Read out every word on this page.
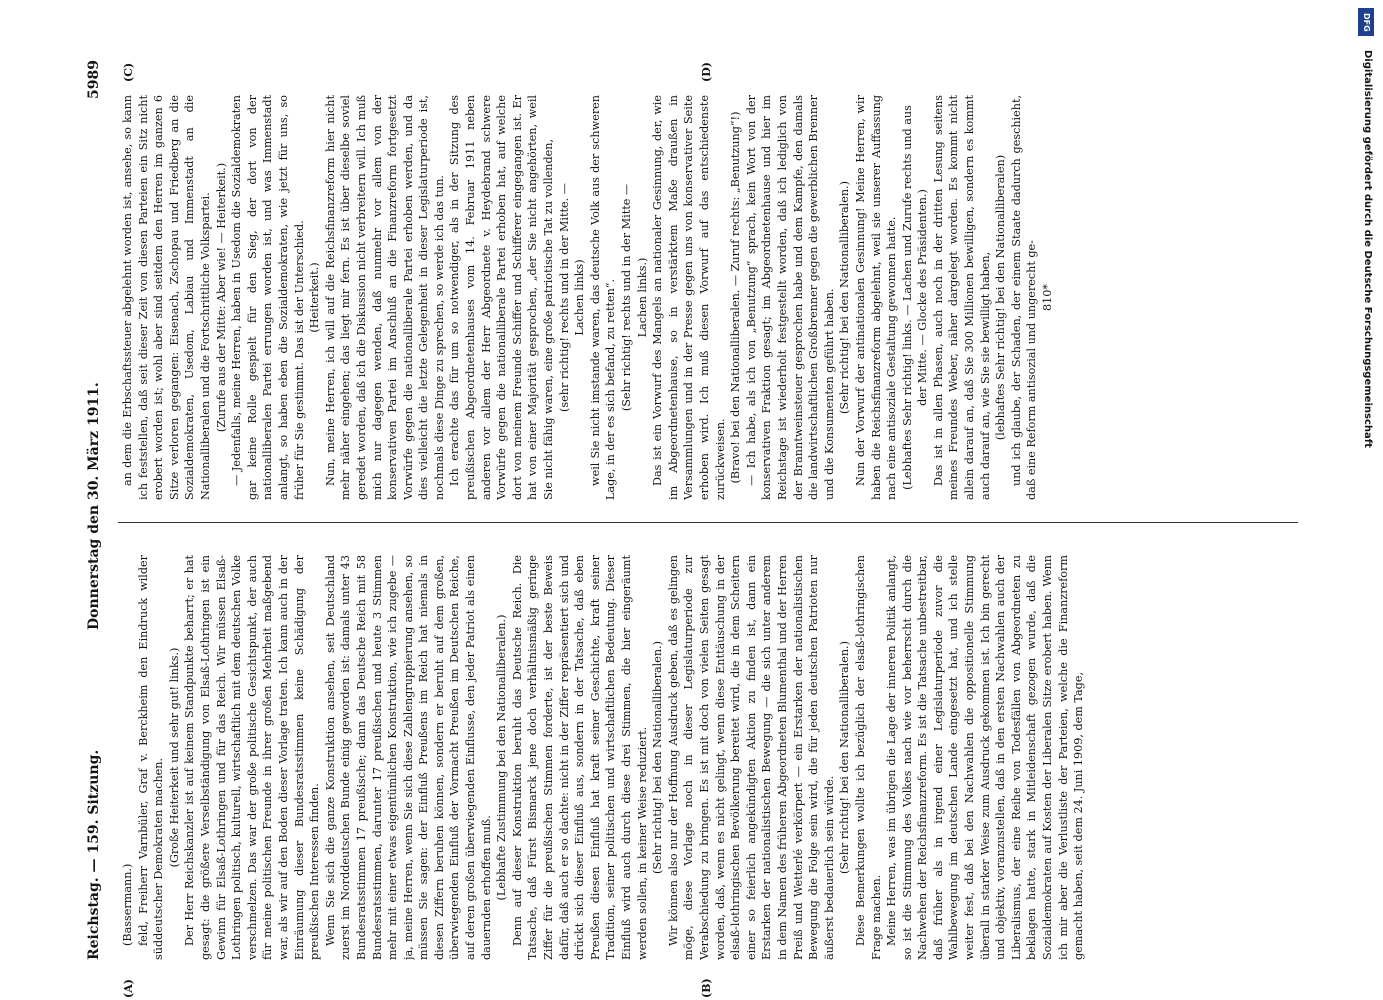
Reichstag. — 159. Sitzung.
Donnerstag den 30. März 1911.
5989
(A)	(B)
(C)	(D)

(Bassermann.) feld, Freiherr Varnbüler, Graf v. Berckheim den Eindruck wilder süddeutscher Demokraten machen. (Große Heiterkeit und sehr gut! links.) Der Herr Reichskanzler ist auf keinem Standpunkte beharrt; er hat gesagt: die größere Verselbständigung von Elsaß-Lothringen ist ein Gewinn für Elsaß-Lothringen und für das Reich. Wir müssen Elsaß-Lothringen politisch, kulturell, wirtschaftlich mit dem deutschen Volke verschmelzen. Das war der große politische Gesichtspunkt, der auch für meine politischen Freunde in ihrer großen Mehrheit maßgebend war, als wir auf den Boden dieser Vorlage traten. Ich kann auch in der Einräumung dieser Bundesratsstimmen keine Schädigung der preußischen Interessen finden. Wenn Sie sich die ganze Konstruktion ansehen, seit Deutschland zuerst im Norddeutschen Bunde einig geworden ist: damals unter 43 Bundesratsstimmen 17 preußische; dann das Deutsche Reich mit 58 Bundesratsstimmen, darunter 17 preußischen und heute 3 Stimmen mehr mit einer etwas eigentümlichen Konstruktion, wie ich zugebe — ja, meine Herren, wenn Sie sich diese Zahlengruppierung ansehen, so müssen Sie sagen: der Einfluß Preußens im Reich hat niemals in diesen Ziffern beruhen können, sondern er beruht auf dem großen, überwiegenden Einfluß der Vormacht Preußen im Deutschen Reiche, auf deren großen überwiegenden Einflusse, den jeder Patriot als einen dauernden erhoffen muß. (Lebhafte Zustimmung bei den Nationalliberalen.) Denn auf dieser Konstruktion beruht das Deutsche Reich. Die Tatsache, daß Fürst Bismarck jene doch verhältnismäßig geringe Ziffer für die preußischen Stimmen forderte, ist der beste Beweis dafür, daß auch er so dachte: nicht in der Ziffer repräsentiert sich und drückt sich dieser Einfluß aus, sondern in der Tatsache, daß eben Preußen diesen Einfluß hat kraft seiner Geschichte, kraft seiner Tradition, seiner politischen und wirtschaftlichen Bedeutung. Dieser Einfluß wird auch durch diese drei Stimmen, die hier eingeräumt werden sollen, in keiner Weise reduziert. (Sehr richtig! bei den Nationalliberalen.) Wir können also nur der Hoffnung Ausdruck geben, daß es gelingen möge, diese Vorlage noch in dieser Legislaturperiode zur Verabschiedung zu bringen. Es ist mit doch von vielen Seiten gesagt worden, daß, wenn es nicht gelingt, wenn diese Enttäuschung in der elsaß-lothringischen Bevölkerung bereitet wird, die in dem Scheitern einer so feierlich angekündigten Aktion zu finden ist, dann ein Erstarken der nationalistischen Bewegung — die sich unter anderem in dem Namen des früheren Abgeordneten Blumenthal und der Herren Preiß und Wetterlé verkörpert — ein Erstarken der nationalistischen Bewegung die Folge sein wird, die für jeden deutschen Patrioten nur äußerst bedauerlich sein würde. (Sehr richtig! bei den Nationalliberalen.) Diese Bemerkungen wollte ich bezüglich der elsaß-lothringischen Frage machen. Meine Herren, was im übrigen die Lage der inneren Politik anlangt, so ist die Stimmung des Volkes nach wie vor beherrscht durch die Nachwehen der Reichsfinanzreform. Es ist die Tatsache unbestreitbar, daß früher als in irgend einer Legislaturperiode zuvor die Wahlbewegung im deutschen Lande eingesetzt hat, und ich stelle weiter fest, daß bei den Nachwahlen die oppositionelle Stimmung überall in starker Weise zum Ausdruck gekommen ist. Ich bin gerecht und objektiv, voranzustellen, daß in den ersten Nachwahlen auch der Liberalismus, der eine Reihe von Todesfällen von Abgeordneten zu beklagen hatte, stark in Mitleidenschaft gezogen wurde, daß die Sozialdemokraten auf Kosten der Liberalen Sitze erobert haben. Wenn ich mir aber die Verlustliste der Parteien, welche die Finanzreform gemacht haben, seit dem 24. Juni 1909, dem Tage,

an dem die Erbschaftssteuer abgelehnt worden ist, ansehe, so kann ich feststellen, daß seit dieser Zeit von diesen Parteien ein Sitz nicht erobert worden ist; wohl aber sind seitdem den Herren im ganzen 6 Sitze verloren gegangen: Eisenach, Zschopau und Friedberg an die Sozialdemokraten, Usedom, Labiau und Immenstadt an die Nationalliberalen und die Fortschrittliche Volkspartei. (Zurufe aus der Mitte: Aber wie! — Heiterkeit.) — Jedenfalls, meine Herren, haben in Usedom die Sozialdemokraten gar keine Rolle gespielt für den Sieg, der dort von der nationalliberalen Partei errungen worden ist, und was Immenstadt anlangt, so haben eben die Sozialdemokraten, wie jetzt für uns, so früher für Sie gestimmt. Das ist der Unterschied. (Heiterkeit.) Nun, meine Herren, ich will auf die Reichsfinanzreform hier nicht mehr näher eingehen; das liegt mir fern. Es ist über dieselbe soviel geredet worden, daß ich die Diskussion nicht verbreitern will. Ich muß mich nur dagegen wenden, daß nunmehr vor allem von der konservativen Partei im Anschluß an die Finanzreform fortgesetzt Vorwürfe gegen die nationalliberale Partei erhoben werden, und da dies vielleicht die letzte Gelegenheit in dieser Legislaturperiode ist, nochmals diese Dinge zu sprechen, so werde ich das tun. Ich erachte das für um so notwendiger, als in der Sitzung des preußischen Abgeordnetenhauses vom 14. Februar 1911 neben anderen vor allem der Herr Abgeordnete v. Heydebrand schwere Vorwürfe gegen die nationalliberale Partei erhoben hat, auf welche dort von meinem Freunde Schiffer und Schifferer eingegangen ist. Er hat von einer Majorität gesprochen, „der Sie nicht angehörten, weil Sie nicht fähig waren, eine große patriotische Tat zu vollenden, (sehr richtig! rechts und in der Mitte. — Lachen links) weil Sie nicht imstande waren, das deutsche Volk aus der schweren Lage, in der es sich befand, zu retten“. (Sehr richtig! rechts und in der Mitte — Lachen links.) Das ist ein Vorwurf des Mangels an nationaler Gesinnung, der, wie im Abgeordnetenhause, so in verstärktem Maße draußen in Versammlungen und in der Presse gegen uns von konservativer Seite erhoben wird. Ich muß diesen Vorwurf auf das entschiedenste zurückweisen. (Bravo! bei den Nationalliberalen. — Zuruf rechts: „Benutzung“!) — Ich habe, als ich von „Benutzung“ sprach, kein Wort von der konservativen Fraktion gesagt; im Abgeordnetenhause und hier im Reichstage ist wiederholt festgestellt worden, daß ich lediglich von der Branntweinsteuer gesprochen habe und dem Kampfe, den damals die landwirtschaftlichen Großbrenner gegen die gewerblichen Brenner und die Konsumenten geführt haben. (Sehr richtig! bei den Nationalliberalen.) Nun der Vorwurf der antinationalen Gesinnung! Meine Herren, wir haben die Reichsfinanzreform abgelehnt, weil sie unserer Auffassung nach eine antisoziale Gestaltung gewonnen hatte. (Lebhaftes Sehr richtig! links. — Lachen und Zurufe rechts und aus der Mitte. — Glocke des Präsidenten.) Das ist in allen Phasen, auch noch in der dritten Lesung seitens meines Freundes Weber, näher dargelegt worden. Es kommt nicht allein darauf an, daß Sie 300 Millionen bewilligen, sondern es kommt auch darauf an, wie Sie sie bewilligt haben, (lebhaftes Sehr richtig! bei den Nationalliberalen) und ich glaube, der Schaden, der einem Staate dadurch geschieht, daß eine Reform antisozial und ungerecht ge- 810*

DFG
Digitalisierung gefördert durch die Deutsche Forschungsgemeinschaft
